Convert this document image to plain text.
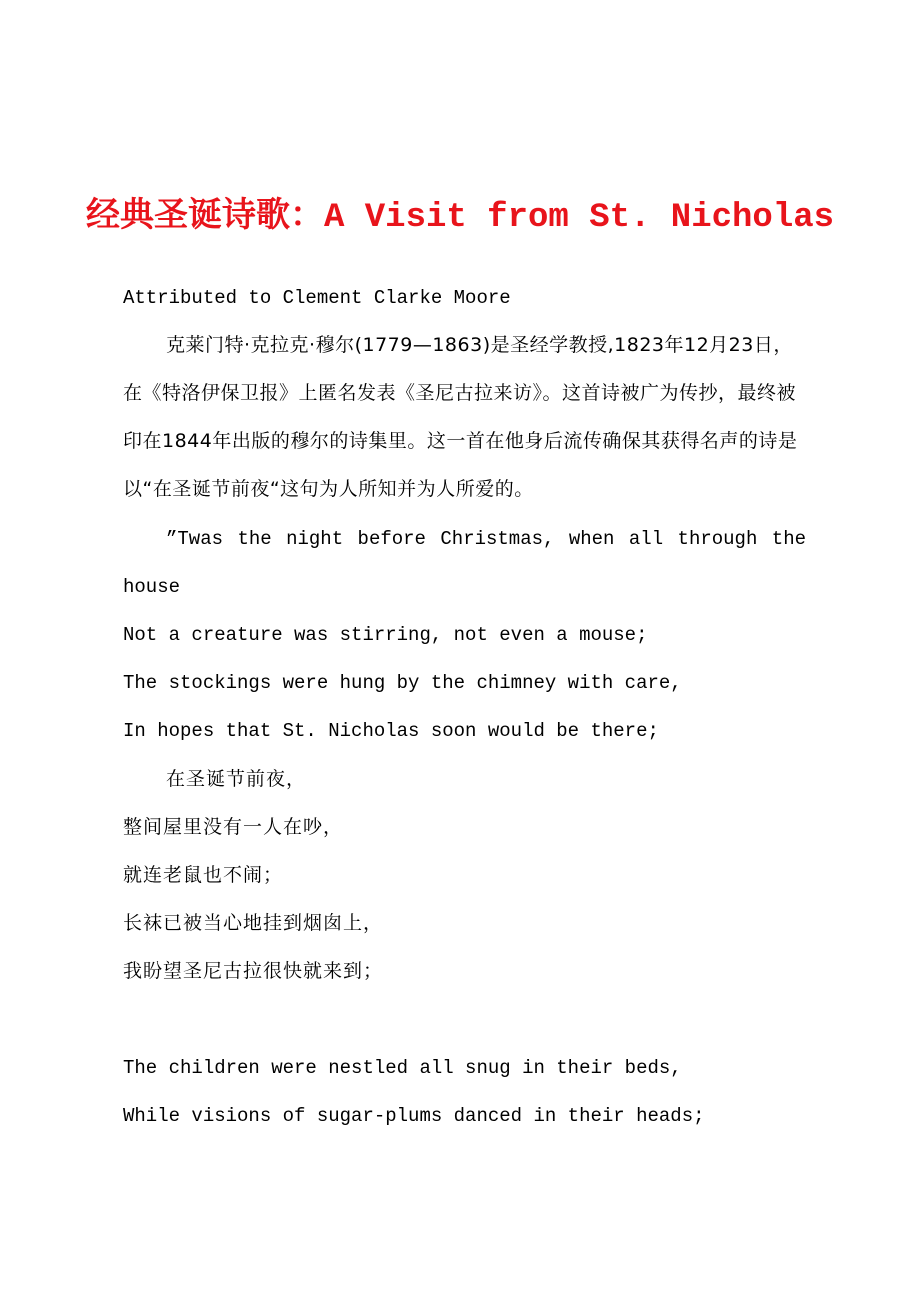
经典圣诞诗歌：A Visit from St. Nicholas
Attributed to Clement Clarke Moore
克莱门特·克拉克·穆尔(1779—1863)是圣经学教授,1823年12月23日，在《特洛伊保卫报》上匿名发表《圣尼古拉来访》。这首诗被广为传抄，最终被印在1844年出版的穆尔的诗集里。这一首在他身后流传确保其获得名声的诗是以“在圣诞节前夜“这句为人所知并为人所爱的。
”Twas the night before Christmas, when all through the
house
Not a creature was stirring, not even a mouse;
The stockings were hung by the chimney with care,
In hopes that St. Nicholas soon would be there;
在圣诞节前夜，
整间屋里没有一人在吵，
就连老鼠也不闹；
长袜已被当心地挂到烟囱上，
我盼望圣尼古拉很快就来到；
The children were nestled all snug in their beds,
While visions of sugar-plums danced in their heads;
